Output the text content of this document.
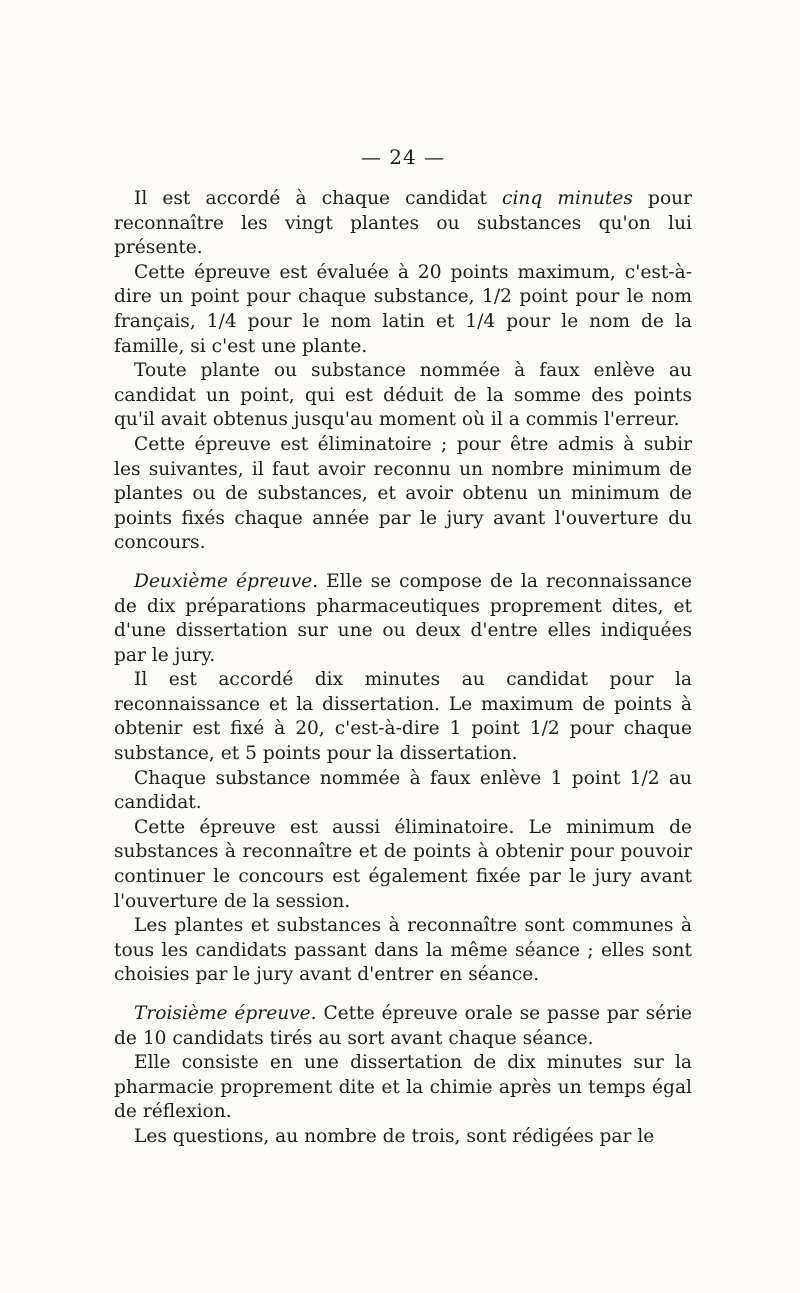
— 24 —

Il est accordé à chaque candidat cinq minutes pour reconnaître les vingt plantes ou substances qu'on lui présente.

Cette épreuve est évaluée à 20 points maximum, c'est-à-dire un point pour chaque substance, 1/2 point pour le nom français, 1/4 pour le nom latin et 1/4 pour le nom de la famille, si c'est une plante.

Toute plante ou substance nommée à faux enlève au candidat un point, qui est déduit de la somme des points qu'il avait obtenus jusqu'au moment où il a commis l'erreur.

Cette épreuve est éliminatoire ; pour être admis à subir les suivantes, il faut avoir reconnu un nombre minimum de plantes ou de substances, et avoir obtenu un minimum de points fixés chaque année par le jury avant l'ouverture du concours.

Deuxième épreuve. Elle se compose de la reconnaissance de dix préparations pharmaceutiques proprement dites, et d'une dissertation sur une ou deux d'entre elles indiquées par le jury.

Il est accordé dix minutes au candidat pour la reconnaissance et la dissertation. Le maximum de points à obtenir est fixé à 20, c'est-à-dire 1 point 1/2 pour chaque substance, et 5 points pour la dissertation.

Chaque substance nommée à faux enlève 1 point 1/2 au candidat.

Cette épreuve est aussi éliminatoire. Le minimum de substances à reconnaître et de points à obtenir pour pouvoir continuer le concours est également fixée par le jury avant l'ouverture de la session.

Les plantes et substances à reconnaître sont communes à tous les candidats passant dans la même séance ; elles sont choisies par le jury avant d'entrer en séance.

Troisième épreuve. Cette épreuve orale se passe par série de 10 candidats tirés au sort avant chaque séance.

Elle consiste en une dissertation de dix minutes sur la pharmacie proprement dite et la chimie après un temps égal de réflexion.

Les questions, au nombre de trois, sont rédigées par le
